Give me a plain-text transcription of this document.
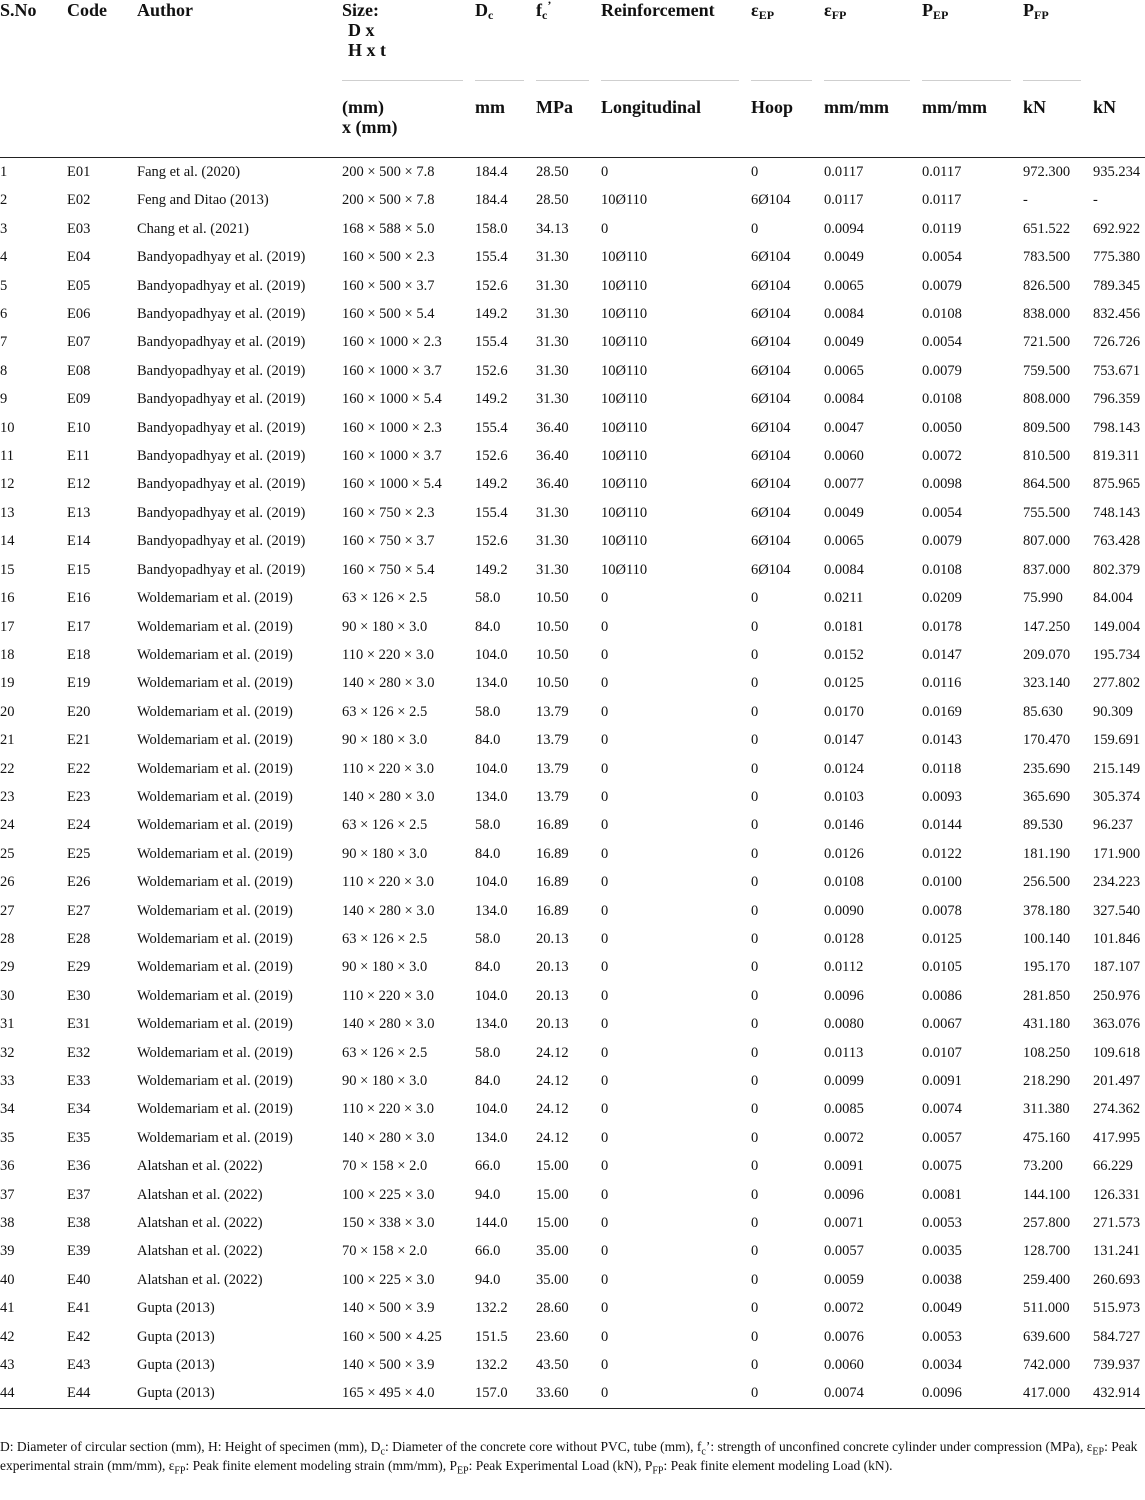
S.No	Code	Author	Size:
D x
H x t	$D_c$	$f_c^’$	Reinforcement	$\varepsilon_{EP}$	$\varepsilon_{FP}$	$P_{EP}$	$P_{FP}$

			(mm)
x (mm)	mm	MPa	Longitudinal	Hoop	mm/mm	mm/mm	kN	kN
1	E01	Fang et al. (2020)	200 × 500 × 7.8	184.4	28.50	0	0	0.0117	0.0117	972.300	935.234
2	E02	Feng and Ditao (2013)	200 × 500 × 7.8	184.4	28.50	10Ø110	6Ø104	0.0117	0.0117	-	-
3	E03	Chang et al. (2021)	168 × 588 × 5.0	158.0	34.13	0	0	0.0094	0.0119	651.522	692.922
4	E04	Bandyopadhyay et al. (2019)	160 × 500 × 2.3	155.4	31.30	10Ø110	6Ø104	0.0049	0.0054	783.500	775.380
5	E05	Bandyopadhyay et al. (2019)	160 × 500 × 3.7	152.6	31.30	10Ø110	6Ø104	0.0065	0.0079	826.500	789.345
6	E06	Bandyopadhyay et al. (2019)	160 × 500 × 5.4	149.2	31.30	10Ø110	6Ø104	0.0084	0.0108	838.000	832.456
7	E07	Bandyopadhyay et al. (2019)	160 × 1000 × 2.3	155.4	31.30	10Ø110	6Ø104	0.0049	0.0054	721.500	726.726
8	E08	Bandyopadhyay et al. (2019)	160 × 1000 × 3.7	152.6	31.30	10Ø110	6Ø104	0.0065	0.0079	759.500	753.671
9	E09	Bandyopadhyay et al. (2019)	160 × 1000 × 5.4	149.2	31.30	10Ø110	6Ø104	0.0084	0.0108	808.000	796.359
10	E10	Bandyopadhyay et al. (2019)	160 × 1000 × 2.3	155.4	36.40	10Ø110	6Ø104	0.0047	0.0050	809.500	798.143
11	E11	Bandyopadhyay et al. (2019)	160 × 1000 × 3.7	152.6	36.40	10Ø110	6Ø104	0.0060	0.0072	810.500	819.311
12	E12	Bandyopadhyay et al. (2019)	160 × 1000 × 5.4	149.2	36.40	10Ø110	6Ø104	0.0077	0.0098	864.500	875.965
13	E13	Bandyopadhyay et al. (2019)	160 × 750 × 2.3	155.4	31.30	10Ø110	6Ø104	0.0049	0.0054	755.500	748.143
14	E14	Bandyopadhyay et al. (2019)	160 × 750 × 3.7	152.6	31.30	10Ø110	6Ø104	0.0065	0.0079	807.000	763.428
15	E15	Bandyopadhyay et al. (2019)	160 × 750 × 5.4	149.2	31.30	10Ø110	6Ø104	0.0084	0.0108	837.000	802.379
16	E16	Woldemariam et al. (2019)	63 × 126 × 2.5	58.0	10.50	0	0	0.0211	0.0209	75.990	84.004
17	E17	Woldemariam et al. (2019)	90 × 180 × 3.0	84.0	10.50	0	0	0.0181	0.0178	147.250	149.004
18	E18	Woldemariam et al. (2019)	110 × 220 × 3.0	104.0	10.50	0	0	0.0152	0.0147	209.070	195.734
19	E19	Woldemariam et al. (2019)	140 × 280 × 3.0	134.0	10.50	0	0	0.0125	0.0116	323.140	277.802
20	E20	Woldemariam et al. (2019)	63 × 126 × 2.5	58.0	13.79	0	0	0.0170	0.0169	85.630	90.309
21	E21	Woldemariam et al. (2019)	90 × 180 × 3.0	84.0	13.79	0	0	0.0147	0.0143	170.470	159.691
22	E22	Woldemariam et al. (2019)	110 × 220 × 3.0	104.0	13.79	0	0	0.0124	0.0118	235.690	215.149
23	E23	Woldemariam et al. (2019)	140 × 280 × 3.0	134.0	13.79	0	0	0.0103	0.0093	365.690	305.374
24	E24	Woldemariam et al. (2019)	63 × 126 × 2.5	58.0	16.89	0	0	0.0146	0.0144	89.530	96.237
25	E25	Woldemariam et al. (2019)	90 × 180 × 3.0	84.0	16.89	0	0	0.0126	0.0122	181.190	171.900
26	E26	Woldemariam et al. (2019)	110 × 220 × 3.0	104.0	16.89	0	0	0.0108	0.0100	256.500	234.223
27	E27	Woldemariam et al. (2019)	140 × 280 × 3.0	134.0	16.89	0	0	0.0090	0.0078	378.180	327.540
28	E28	Woldemariam et al. (2019)	63 × 126 × 2.5	58.0	20.13	0	0	0.0128	0.0125	100.140	101.846
29	E29	Woldemariam et al. (2019)	90 × 180 × 3.0	84.0	20.13	0	0	0.0112	0.0105	195.170	187.107
30	E30	Woldemariam et al. (2019)	110 × 220 × 3.0	104.0	20.13	0	0	0.0096	0.0086	281.850	250.976
31	E31	Woldemariam et al. (2019)	140 × 280 × 3.0	134.0	20.13	0	0	0.0080	0.0067	431.180	363.076
32	E32	Woldemariam et al. (2019)	63 × 126 × 2.5	58.0	24.12	0	0	0.0113	0.0107	108.250	109.618
33	E33	Woldemariam et al. (2019)	90 × 180 × 3.0	84.0	24.12	0	0	0.0099	0.0091	218.290	201.497
34	E34	Woldemariam et al. (2019)	110 × 220 × 3.0	104.0	24.12	0	0	0.0085	0.0074	311.380	274.362
35	E35	Woldemariam et al. (2019)	140 × 280 × 3.0	134.0	24.12	0	0	0.0072	0.0057	475.160	417.995
36	E36	Alatshan et al. (2022)	70 × 158 × 2.0	66.0	15.00	0	0	0.0091	0.0075	73.200	66.229
37	E37	Alatshan et al. (2022)	100 × 225 × 3.0	94.0	15.00	0	0	0.0096	0.0081	144.100	126.331
38	E38	Alatshan et al. (2022)	150 × 338 × 3.0	144.0	15.00	0	0	0.0071	0.0053	257.800	271.573
39	E39	Alatshan et al. (2022)	70 × 158 × 2.0	66.0	35.00	0	0	0.0057	0.0035	128.700	131.241
40	E40	Alatshan et al. (2022)	100 × 225 × 3.0	94.0	35.00	0	0	0.0059	0.0038	259.400	260.693
41	E41	Gupta (2013)	140 × 500 × 3.9	132.2	28.60	0	0	0.0072	0.0049	511.000	515.973
42	E42	Gupta (2013)	160 × 500 × 4.25	151.5	23.60	0	0	0.0076	0.0053	639.600	584.727
43	E43	Gupta (2013)	140 × 500 × 3.9	132.2	43.50	0	0	0.0060	0.0034	742.000	739.937
44	E44	Gupta (2013)	165 × 495 × 4.0	157.0	33.60	0	0	0.0074	0.0096	417.000	432.914
D: Diameter of circular section (mm), H: Height of specimen (mm), $D_c$: Diameter of the concrete core without PVC, tube (mm), $f_c$’: strength of unconfined concrete cylinder under compression (MPa), $\varepsilon_{EP}$: Peak experimental strain (mm/mm), $\varepsilon_{FP}$: Peak finite element modeling strain (mm/mm), $P_{EP}$: Peak Experimental Load (kN), $P_{FP}$: Peak finite element modeling Load (kN).
